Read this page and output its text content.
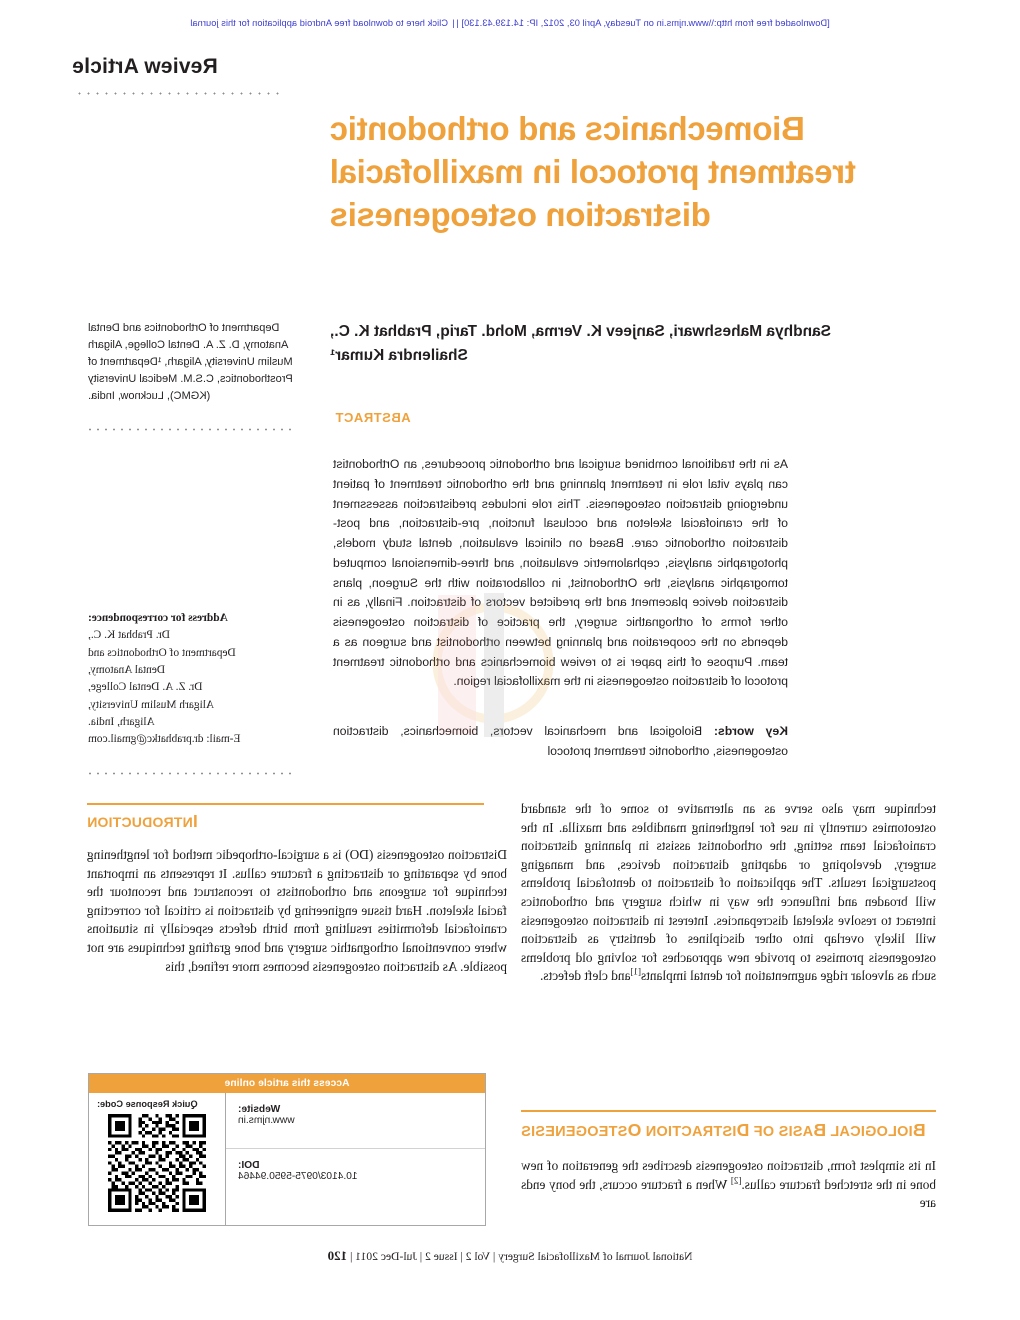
[Downloaded free from http:\\www.njms.in on Tuesday, April 03, 2012, IP: 14.139.43.130] || Click here to download free Android application for this journal
Review Article
Biomechanics and orthodontic treatment protocol in maxillofacial distraction osteogenesis
Sandhya Maheshwari, Sanjeev K. Verma, Mohd. Tariq, Prabhat K. C., Shailendra Kumar¹
Department of Orthodontics and Dental Anatomy, D. Z. A. Dental College, Aligarh Muslim University, Aligarh, ¹Department of Prosthodontics, C.S.M. Medical University (KGMC), Lucknow, India.
Address for correspondence:
Dr. Prabhat K. C.,
Department of Orthodontics and
Dental Anatomy,
Dr. Z. A. Dental College,
Aligarh Muslim University,
Aligarh, India.
E-mail: dr.prabhatkc@gmail.com
ABSTRACT
As in the traditional combined surgical and orthodontic procedures, an Orthodontist can plays vital role in treatment planning and the orthodontic treatment of patient undergoing distraction osteogenesis. This role includes predistraction assessment of the craniofacial skeleton and occlusal function, pre-distraction, and post-distraction orthodontic care. Based on clinical evaluation, dental study models, photographic analysis, cephalometric evaluation, and three-dimensional computed tomographic analysis, the Orthodontist, in collaboration with the Surgeon, plans distraction device placement and the predicted vectors of distraction. Finally, as in other forms of orthognathic surgery, the practice of distraction osteogenesis depends on the cooperation and planning between orthodontist and surgeon as a team. Purpose of this paper is to review biomechanics and orthodontic treatment protocol of distraction osteogenesis in the maxillofacial region.
Key words: Biological and mechanical vectors, biomechanics, distraction osteogenesis, orthodontic treatment protocol
INTRODUCTION

Distraction osteogenesis (DO) is a surgical-orthopedic method for lengthening bone by separating or distracting a fracture callus. It represents an important technique for surgeons and orthodontists to reconstruct and recontour the facial skeleton. Hard tissue engineering by distraction is critical for correcting craniofacial deformities resulting from birth defects especially in situations where conventional orthognathic surgery and bone grafting techniques are not possible. As distraction osteogenesis becomes more refined, this

technique may also serve as an alternative to some of the standard osteotomies currently in use for lengthening mandibles and maxilla. In the craniofacial team setting, the orthodontist assists in planning distraction surgery, developing or adapting distraction devices, and managing postsurgical results. The application of distraction to dentofacial problems will broaden and influence the way in which surgery and orthodontics interact to resolve skeletal discrepancies. Interest in distraction osteogenesis will likely overlap into other disciplines of dentistry as distraction osteogenesis promises to provide new approaches for solving old problems such as alveolar ridge augmentation for dental implants[1]and cleft defects.

BIOLOGICAL BASIS OF DISTRACTION OSTEOGENESIS

In its simplest form, distraction osteogenesis describes the generation of new bone in the stretched fracture callus.[2] When a fracture occurs, the bony ends are

Access this article online
Quick Response Code:	Website:
www.njms.in
DOI:
10.4103/0975-5950.94464
National Journal of Maxillofacial Surgery | Vol 2 | Issue 2 | Jul-Dec 2011 | 120
